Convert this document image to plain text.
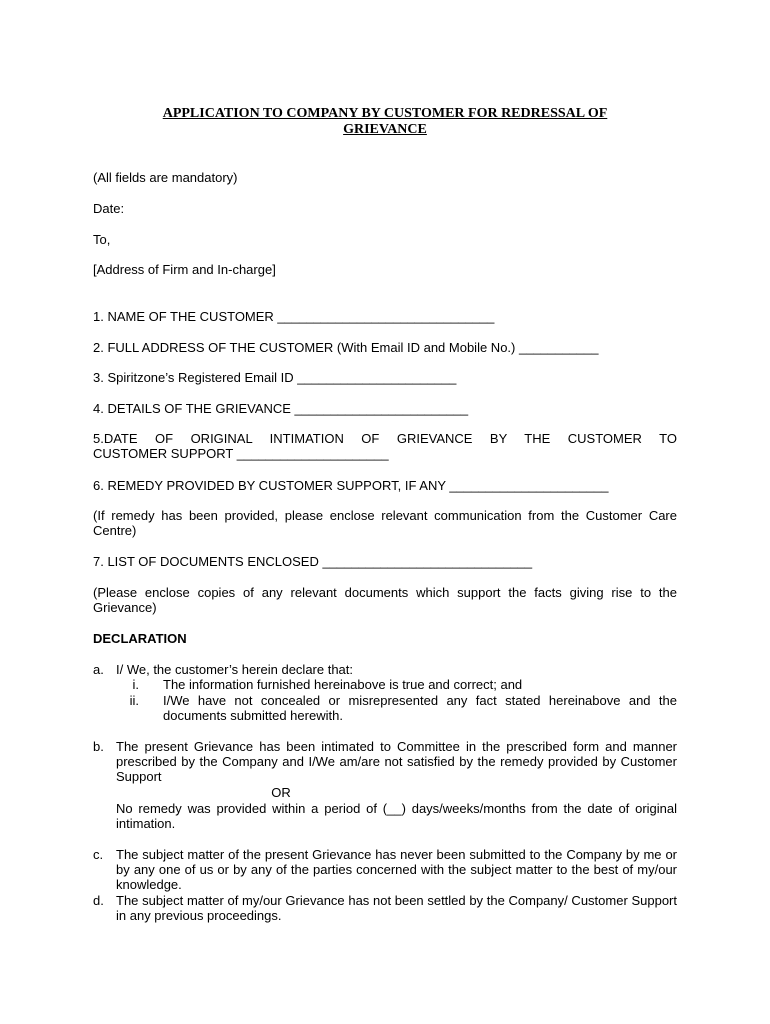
APPLICATION TO COMPANY BY CUSTOMER FOR REDRESSAL OF
GRIEVANCE
(All fields are mandatory)
Date:
To,
[Address of Firm and In-charge]
1. NAME OF THE CUSTOMER ______________________________
2. FULL ADDRESS OF THE CUSTOMER (With Email ID and Mobile No.) ___________
3. Spiritzone’s Registered Email ID ______________________
4. DETAILS OF THE GRIEVANCE ________________________
5.DATE OF ORIGINAL INTIMATION OF GRIEVANCE BY THE CUSTOMER TO
CUSTOMER SUPPORT _____________________
6. REMEDY PROVIDED BY CUSTOMER SUPPORT, IF ANY ______________________
(If remedy has been provided, please enclose relevant communication from the Customer Care Centre)
7. LIST OF DOCUMENTS ENCLOSED _____________________________
(Please enclose copies of any relevant documents which support the facts giving rise to the Grievance)
DECLARATION
a. I/ We, the customer’s herein declare that:
i. The information furnished hereinabove is true and correct; and
ii. I/We have not concealed or misrepresented any fact stated hereinabove and the documents submitted herewith.
b. The present Grievance has been intimated to Committee in the prescribed form and manner prescribed by the Company and I/We am/are not satisfied by the remedy provided by Customer Support
OR
No remedy was provided within a period of (__) days/weeks/months from the date of original intimation.
c. The subject matter of the present Grievance has never been submitted to the Company by me or by any one of us or by any of the parties concerned with the subject matter to the best of my/our knowledge.
d. The subject matter of my/our Grievance has not been settled by the Company/ Customer Support in any previous proceedings.
